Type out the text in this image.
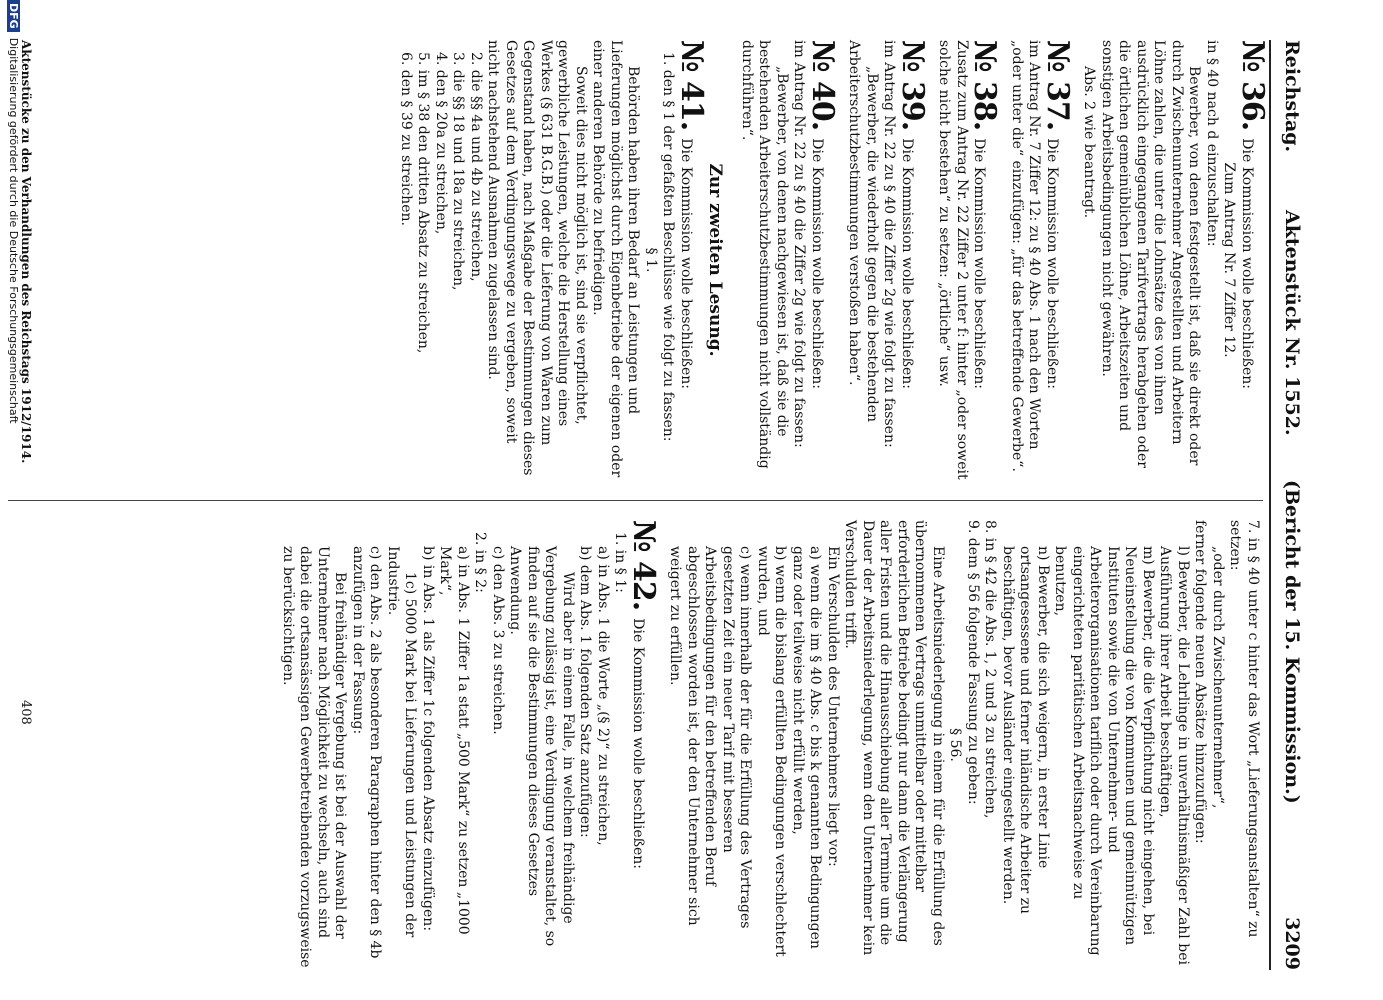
Reichstag.
Aktenstück Nr. 1552.
(Bericht der 15. Kommission.)
3209

№ 36.Die Kommission wolle beschließen:

Zum Antrag Nr. 7 Ziffer 12.

in § 40 nach d einzuschalten:

Bewerber, von denen festgestellt ist, daß sie direkt oder durch Zwischenunternehmer Angestellten und Arbeitern Löhne zahlen, die unter die Lohnsätze des von ihnen ausdrücklich eingegangenen Tarifvertrags herabgehen oder die örtlichen gemeinüblichen Löhne, Arbeitszeiten und sonstigen Arbeitsbedingungen nicht gewähren.

Abs. 2 wie beantragt.

№ 37.Die Kommission wolle beschließen:

im Antrag Nr. 7 Ziffer 12: zu § 40 Abs. 1 nach den Worten „oder unter die“ einzufügen: „für das betreffende Gewerbe“.

№ 38.Die Kommission wolle beschließen:

Zusatz zum Antrag Nr. 22 Ziffer 2 unter f: hinter „oder soweit solche nicht bestehen“ zu setzen: „örtliche“ usw.

№ 39.Die Kommission wolle beschließen:

im Antrag Nr. 22 zu § 40 die Ziffer 2g wie folgt zu fassen:

„Bewerber, die wiederholt gegen die bestehenden Arbeiterschutzbestimmungen verstoßen haben“.

№ 40.Die Kommission wolle beschließen:

im Antrag Nr. 22 zu § 40 die Ziffer 2g wie folgt zu fassen:

„Bewerber, von denen nachgewiesen ist, daß sie die bestehenden Arbeiterschutzbestimmungen nicht vollständig durchführen“.

Zur zweiten Lesung.

№ 41.Die Kommission wolle beschließen:

1. den § 1 der gefaßten Beschlüsse wie folgt zu fassen:

§ 1.

Behörden haben ihren Bedarf an Leistungen und Lieferungen möglichst durch Eigenbetriebe der eigenen oder einer anderen Behörde zu befriedigen.

Soweit dies nicht möglich ist, sind sie verpflichtet, gewerbliche Leistungen, welche die Herstellung eines Werkes (§ 631 B.G.B.) oder die Lieferung von Waren zum Gegenstand haben, nach Maßgabe der Bestimmungen dieses Gesetzes auf dem Verdingungswege zu vergeben, soweit nicht nachstehend Ausnahmen zugelassen sind.

2. die §§ 4a und 4b zu streichen,

3. die §§ 18 und 18a zu streichen,

4. den § 20a zu streichen,

5. im § 38 den dritten Absatz zu streichen,

6. den § 39 zu streichen.

7. in § 40 unter c hinter das Wort „Lieferungsanstalten“ zu setzen:

„oder durch Zwischenunternehmer“,

ferner folgende neuen Absätze hinzuzufügen:

l) Bewerber, die Lehrlinge in unverhältnismäßiger Zahl bei Ausführung ihrer Arbeit beschäftigen,

m) Bewerber, die die Verpflichtung nicht eingehen, bei Neueinstellung die von Kommunen und gemeinnützigen Instituten sowie die von Unternehmer- und Arbeiterorganisationen tariflich oder durch Vereinbarung eingerichteten paritätischen Arbeitsnachweise zu benutzen,

n) Bewerber, die sich weigern, in erster Linie ortsangesessene und ferner inländische Arbeiter zu beschäftigen, bevor Ausländer eingestellt werden.

8. in § 42 die Abs. 1, 2 und 3 zu streichen,

9. dem § 56 folgende Fassung zu geben:

§ 56.

Eine Arbeitsniederlegung in einem für die Erfüllung des übernommenen Vertrags unmittelbar oder mittelbar erforderlichen Betriebe bedingt nur dann die Verlängerung aller Fristen und die Hinausschiebung aller Termine um die Dauer der Arbeitsniederlegung, wenn den Unternehmer kein Verschulden trifft.

Ein Verschulden des Unternehmers liegt vor:

a) wenn die im § 40 Abs. c bis k genannten Bedingungen ganz oder teilweise nicht erfüllt werden,

b) wenn die bislang erfüllten Bedingungen verschlechtert wurden, und

c) wenn innerhalb der für die Erfüllung des Vertrages gesetzten Zeit ein neuer Tarif mit besseren Arbeitsbedingungen für den betreffenden Beruf abgeschlossen worden ist, der den Unternehmer sich weigert zu erfüllen.

№ 42.Die Kommission wolle beschließen:

1. in § 1:

a) in Abs. 1 die Worte „(§ 2)“ zu streichen,

b) dem Abs. 1 folgenden Satz anzufügen:

Wird aber in einem Falle, in welchem freihändige Vergebung zulässig ist, eine Verdingung veranstaltet, so finden auf sie die Bestimmungen dieses Gesetzes Anwendung.

c) den Abs. 3 zu streichen.

2. in § 2:

a) in Abs. 1 Ziffer 1a statt „500 Mark“ zu setzen „1000 Mark“,

b) in Abs. 1 als Ziffer 1c folgenden Absatz einzufügen:

1c) 5000 Mark bei Lieferungen und Leistungen der Industrie.

c) den Abs. 2 als besonderen Paragraphen hinter den § 4b anzufügen in der Fassung:

Bei freihändiger Vergebung ist bei der Auswahl der Unternehmer nach Möglichkeit zu wechseln, auch sind dabei die ortsansässigen Gewerbetreibenden vorzugsweise zu berücksichtigen.

Aktenstücke zu den Verhandlungen des Reichstags 1912/1914.
408
DFGDigitalisierung gefördert durch die Deutsche Forschungsgemeinschaft
